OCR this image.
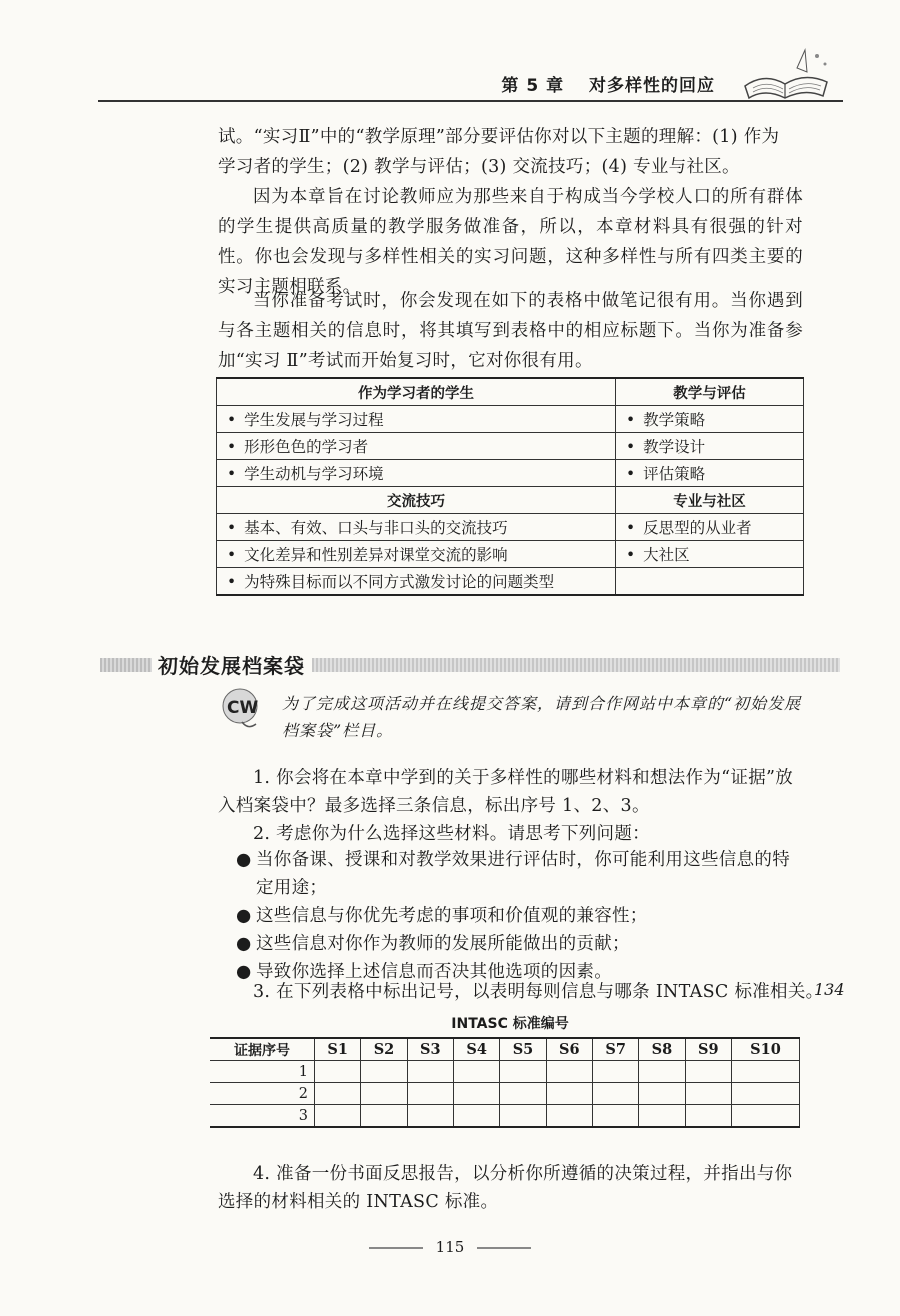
第 5 章 对多样性的回应
试。“实习Ⅱ”中的“教学原理”部分要评估你对以下主题的理解：(1) 作为
学习者的学生；(2) 教学与评估；(3) 交流技巧；(4) 专业与社区。
因为本章旨在讨论教师应为那些来自于构成当今学校人口的所有群体的学生提供高质量的教学服务做准备，所以，本章材料具有很强的针对性。你也会发现与多样性相关的实习问题，这种多样性与所有四类主要的实习主题相联系。
当你准备考试时，你会发现在如下的表格中做笔记很有用。当你遇到与各主题相关的信息时，将其填写到表格中的相应标题下。当你为准备参加“实习 Ⅱ”考试而开始复习时，它对你很有用。
作为学习者的学生	教学与评估
• 学生发展与学习过程	• 教学策略
• 形形色色的学习者	• 教学设计
• 学生动机与学习环境	• 评估策略
交流技巧	专业与社区
• 基本、有效、口头与非口头的交流技巧	• 反思型的从业者
• 文化差异和性别差异对课堂交流的影响	• 大社区
• 为特殊目标而以不同方式激发讨论的问题类型	
初始发展档案袋
CW 为了完成这项活动并在线提交答案，请到合作网站中本章的“初始发展档案袋”栏目。
1. 你会将在本章中学到的关于多样性的哪些材料和想法作为“证据”放入档案袋中？最多选择三条信息，标出序号 1、2、3。
2. 考虑你为什么选择这些材料。请思考下列问题：
● 当你备课、授课和对教学效果进行评估时，你可能利用这些信息的特定用途；
● 这些信息与你优先考虑的事项和价值观的兼容性；
● 这些信息对你作为教师的发展所能做出的贡献；
● 导致你选择上述信息而否决其他选项的因素。
3. 在下列表格中标出记号，以表明每则信息与哪条 INTASC 标准相关。
134
INTASC 标准编号
证据序号	S1	S2	S3	S4	S5	S6	S7	S8	S9	S10
1										
2										
3										
4. 准备一份书面反思报告，以分析你所遵循的决策过程，并指出与你选择的材料相关的 INTASC 标准。
115
